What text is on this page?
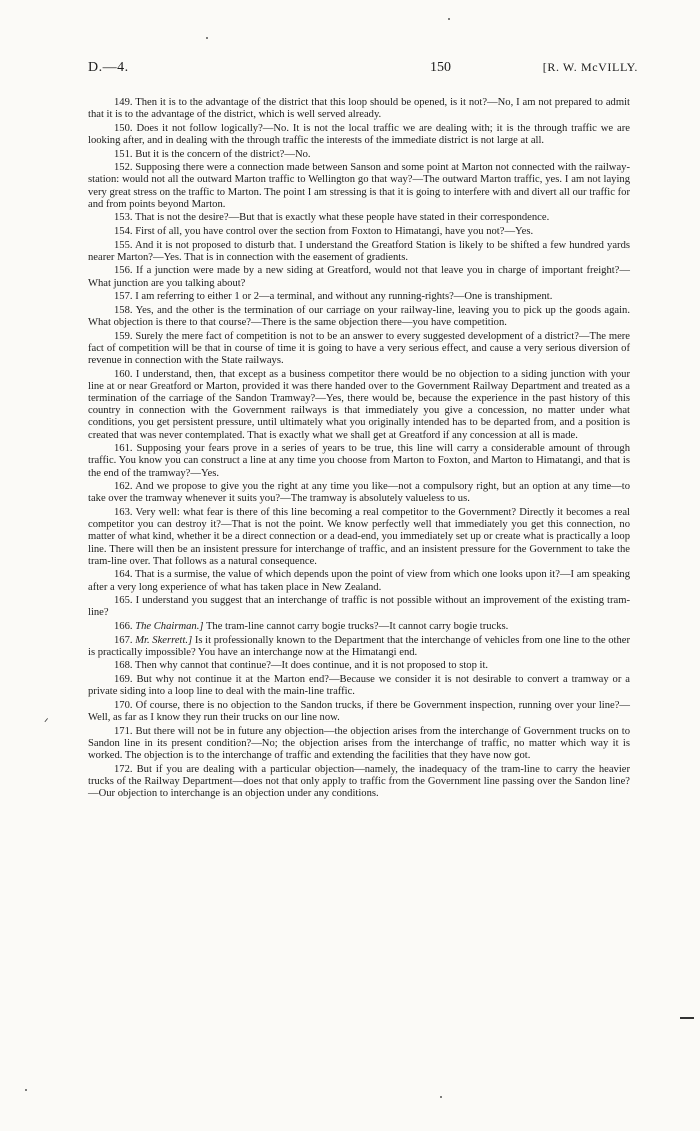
D.—4.	150	[R. W. McVILLY.

149. Then it is to the advantage of the district that this loop should be opened, is it not?—No, I am not prepared to admit that it is to the advantage of the district, which is well served already.

150. Does it not follow logically?—No. It is not the local traffic we are dealing with; it is the through traffic we are looking after, and in dealing with the through traffic the interests of the immediate district is not large at all.

151. But it is the concern of the district?—No.

152. Supposing there were a connection made between Sanson and some point at Marton not connected with the railway-station: would not all the outward Marton traffic to Wellington go that way?—The outward Marton traffic, yes. I am not laying very great stress on the traffic to Marton. The point I am stressing is that it is going to interfere with and divert all our traffic for and from points beyond Marton.

153. That is not the desire?—But that is exactly what these people have stated in their correspondence.

154. First of all, you have control over the section from Foxton to Himatangi, have you not?—Yes.

155. And it is not proposed to disturb that. I understand the Greatford Station is likely to be shifted a few hundred yards nearer Marton?—Yes. That is in connection with the easement of gradients.

156. If a junction were made by a new siding at Greatford, would not that leave you in charge of important freight?—What junction are you talking about?

157. I am referring to either 1 or 2—a terminal, and without any running-rights?—One is transhipment.

158. Yes, and the other is the termination of our carriage on your railway-line, leaving you to pick up the goods again. What objection is there to that course?—There is the same objection there—you have competition.

159. Surely the mere fact of competition is not to be an answer to every suggested development of a district?—The mere fact of competition will be that in course of time it is going to have a very serious effect, and cause a very serious diversion of revenue in connection with the State railways.

160. I understand, then, that except as a business competitor there would be no objection to a siding junction with your line at or near Greatford or Marton, provided it was there handed over to the Government Railway Department and treated as a termination of the carriage of the Sandon Tramway?—Yes, there would be, because the experience in the past history of this country in connection with the Government railways is that immediately you give a concession, no matter under what conditions, you get persistent pressure, until ultimately what you originally intended has to be departed from, and a position is created that was never contemplated. That is exactly what we shall get at Greatford if any concession at all is made.

161. Supposing your fears prove in a series of years to be true, this line will carry a considerable amount of through traffic. You know you can construct a line at any time you choose from Marton to Foxton, and Marton to Himatangi, and that is the end of the tramway?—Yes.

162. And we propose to give you the right at any time you like—not a compulsory right, but an option at any time—to take over the tramway whenever it suits you?—The tramway is absolutely valueless to us.

163. Very well: what fear is there of this line becoming a real competitor to the Government? Directly it becomes a real competitor you can destroy it?—That is not the point. We know perfectly well that immediately you get this connection, no matter of what kind, whether it be a direct connection or a dead-end, you immediately set up or create what is practically a loop line. There will then be an insistent pressure for interchange of traffic, and an insistent pressure for the Government to take the tram-line over. That follows as a natural consequence.

164. That is a surmise, the value of which depends upon the point of view from which one looks upon it?—I am speaking after a very long experience of what has taken place in New Zealand.

165. I understand you suggest that an interchange of traffic is not possible without an improvement of the existing tram-line?

166. The Chairman.] The tram-line cannot carry bogie trucks?—It cannot carry bogie trucks.

167. Mr. Skerrett.] Is it professionally known to the Department that the interchange of vehicles from one line to the other is practically impossible? You have an interchange now at the Himatangi end.

168. Then why cannot that continue?—It does continue, and it is not proposed to stop it.

169. But why not continue it at the Marton end?—Because we consider it is not desirable to convert a tramway or a private siding into a loop line to deal with the main-line traffic.

170. Of course, there is no objection to the Sandon trucks, if there be Government inspection, running over your line?—Well, as far as I know they run their trucks on our line now.

171. But there will not be in future any objection—the objection arises from the interchange of Government trucks on to Sandon line in its present condition?—No; the objection arises from the interchange of traffic, no matter which way it is worked. The objection is to the interchange of traffic and extending the facilities that they have now got.

172. But if you are dealing with a particular objection—namely, the inadequacy of the tram-line to carry the heavier trucks of the Railway Department—does not that only apply to traffic from the Government line passing over the Sandon line?—Our objection to interchange is an objection under any conditions.

ᐟ
